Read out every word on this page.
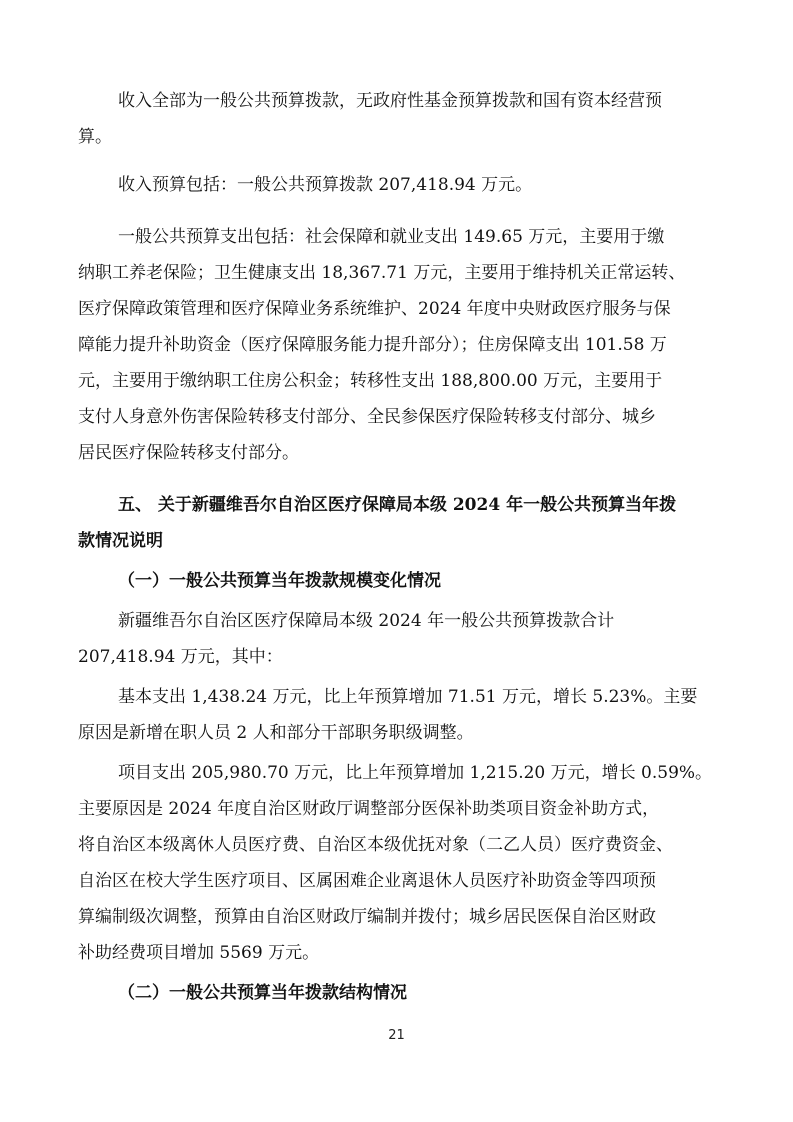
收入全部为一般公共预算拨款，无政府性基金预算拨款和国有资本经营预
算。
收入预算包括：一般公共预算拨款 207,418.94 万元。
一般公共预算支出包括：社会保障和就业支出 149.65 万元，主要用于缴
纳职工养老保险；卫生健康支出 18,367.71 万元，主要用于维持机关正常运转、
医疗保障政策管理和医疗保障业务系统维护、2024 年度中央财政医疗服务与保
障能力提升补助资金（医疗保障服务能力提升部分）；住房保障支出 101.58 万
元，主要用于缴纳职工住房公积金；转移性支出 188,800.00 万元，主要用于
支付人身意外伤害保险转移支付部分、全民参保医疗保险转移支付部分、城乡
居民医疗保险转移支付部分。
五、 关于新疆维吾尔自治区医疗保障局本级 2024 年一般公共预算当年拨
款情况说明
（一）一般公共预算当年拨款规模变化情况
新疆维吾尔自治区医疗保障局本级 2024 年一般公共预算拨款合计
207,418.94 万元，其中：
基本支出 1,438.24 万元，比上年预算增加 71.51 万元，增长 5.23%。主要
原因是新增在职人员 2 人和部分干部职务职级调整。
项目支出 205,980.70 万元，比上年预算增加 1,215.20 万元，增长 0.59%。
主要原因是 2024 年度自治区财政厅调整部分医保补助类项目资金补助方式，
将自治区本级离休人员医疗费、自治区本级优抚对象（二乙人员）医疗费资金、
自治区在校大学生医疗项目、区属困难企业离退休人员医疗补助资金等四项预
算编制级次调整，预算由自治区财政厅编制并拨付；城乡居民医保自治区财政
补助经费项目增加 5569 万元。
（二）一般公共预算当年拨款结构情况
21
